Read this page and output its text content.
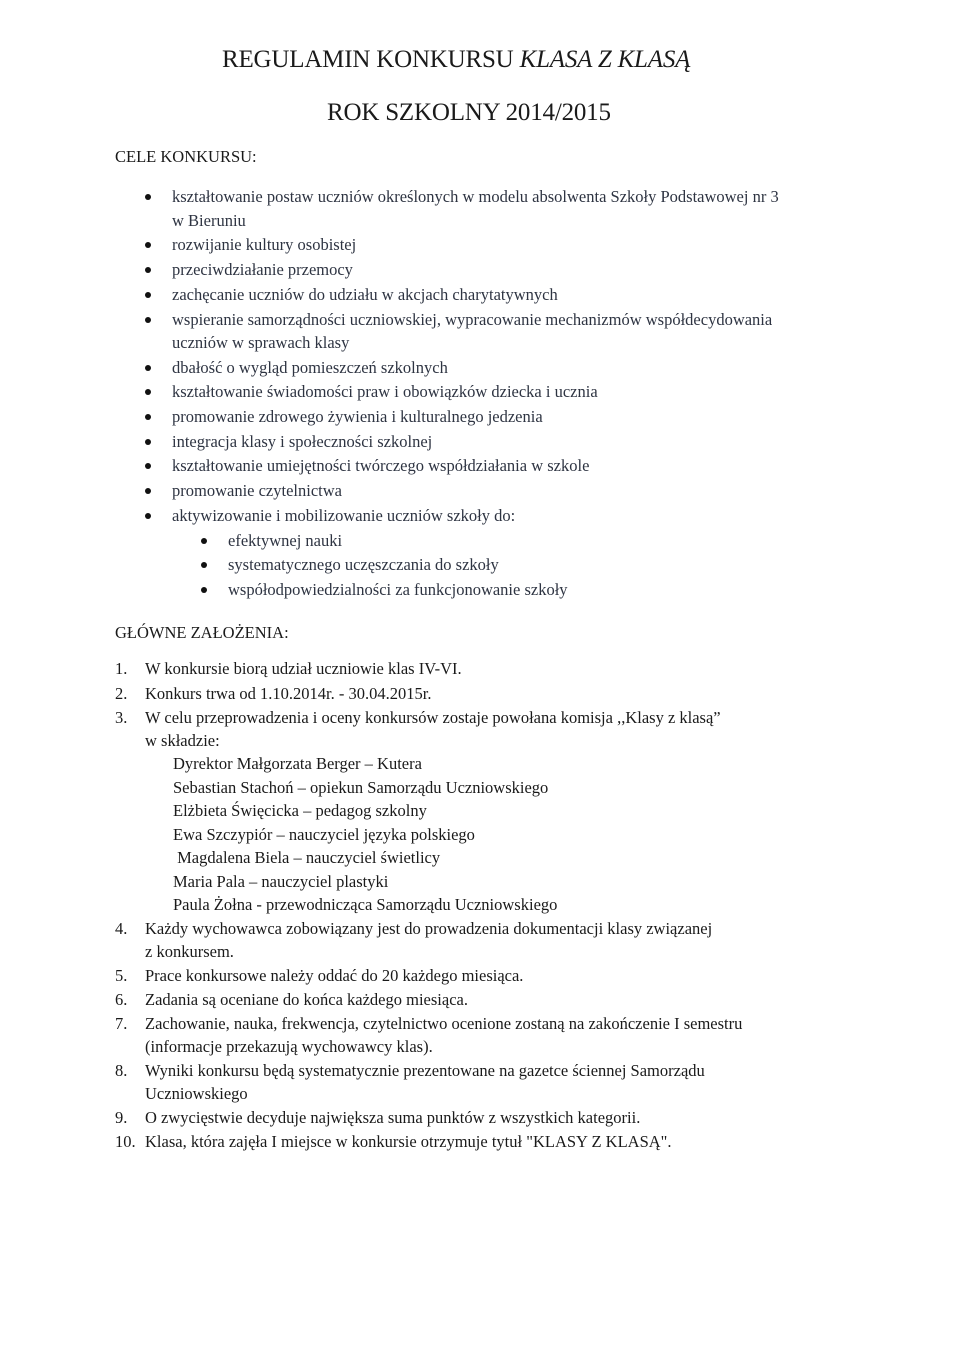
REGULAMIN KONKURSU KLASA Z KLASĄ
ROK SZKOLNY 2014/2015
CELE KONKURSU:
kształtowanie postaw uczniów określonych w modelu absolwenta Szkoły Podstawowej nr 3
w Bieruniu
rozwijanie kultury osobistej
przeciwdziałanie przemocy
zachęcanie uczniów do udziału w akcjach charytatywnych
wspieranie samorządności uczniowskiej, wypracowanie mechanizmów współdecydowania
uczniów w sprawach klasy
dbałość o wygląd pomieszczeń szkolnych
kształtowanie świadomości praw i obowiązków dziecka i ucznia
promowanie zdrowego żywienia i kulturalnego jedzenia
integracja klasy i społeczności szkolnej
kształtowanie umiejętności twórczego współdziałania w szkole
promowanie czytelnictwa
aktywizowanie i mobilizowanie uczniów szkoły do:
efektywnej nauki
systematycznego uczęszczania do szkoły
współodpowiedzialności za funkcjonowanie szkoły
GŁÓWNE ZAŁOŻENIA:
1. W konkursie biorą udział uczniowie klas IV-VI.
2. Konkurs trwa od 1.10.2014r. - 30.04.2015r.
3. W celu przeprowadzenia i oceny konkursów zostaje powołana komisja ,,Klasy z klasą”
w składzie:
Dyrektor Małgorzata Berger – Kutera
Sebastian Stachoń – opiekun Samorządu Uczniowskiego
Elżbieta Święcicka – pedagog szkolny
Ewa Szczypiór – nauczyciel języka polskiego
Magdalena Biela – nauczyciel świetlicy
Maria Pala – nauczyciel plastyki
Paula Żołna - przewodnicząca Samorządu Uczniowskiego
4. Każdy wychowawca zobowiązany jest do prowadzenia dokumentacji klasy związanej
z konkursem.
5. Prace konkursowe należy oddać do 20 każdego miesiąca.
6. Zadania są oceniane do końca każdego miesiąca.
7. Zachowanie, nauka, frekwencja, czytelnictwo ocenione zostaną na zakończenie I semestru
(informacje przekazują wychowawcy klas).
8. Wyniki konkursu będą systematycznie prezentowane na gazetce ściennej Samorządu
Uczniowskiego
9. O zwycięstwie decyduje największa suma punktów z wszystkich kategorii.
10. Klasa, która zajęła I miejsce w konkursie otrzymuje tytuł "KLASY Z KLASĄ".
